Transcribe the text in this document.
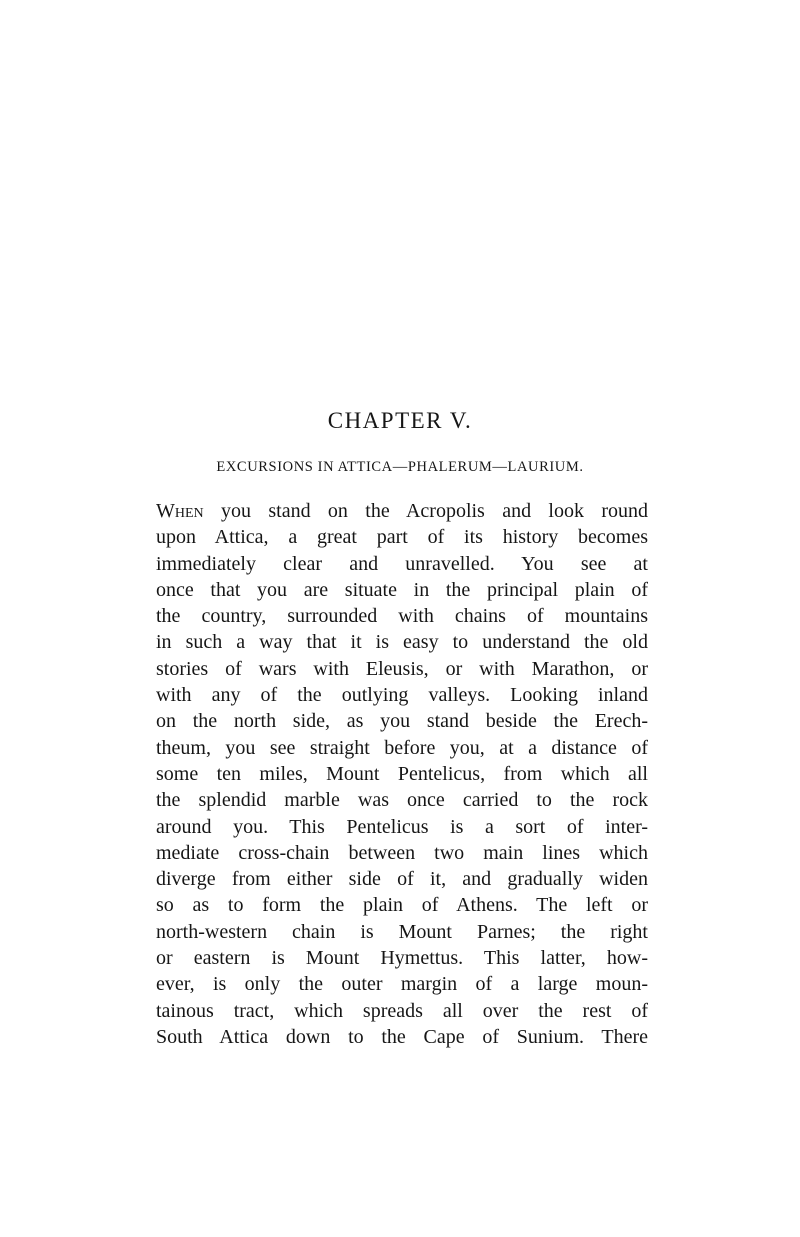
CHAPTER V.
EXCURSIONS IN ATTICA—PHALERUM—LAURIUM.
When you stand on the Acropolis and look round
upon Attica, a great part of its history becomes
immediately clear and unravelled. You see at
once that you are situate in the principal plain of
the country, surrounded with chains of mountains
in such a way that it is easy to understand the old
stories of wars with Eleusis, or with Marathon, or
with any of the outlying valleys. Looking inland
on the north side, as you stand beside the Erech-
theum, you see straight before you, at a distance of
some ten miles, Mount Pentelicus, from which all
the splendid marble was once carried to the rock
around you. This Pentelicus is a sort of inter-
mediate cross-chain between two main lines which
diverge from either side of it, and gradually widen
so as to form the plain of Athens. The left or
north-western chain is Mount Parnes; the right
or eastern is Mount Hymettus. This latter, how-
ever, is only the outer margin of a large moun-
tainous tract, which spreads all over the rest of
South Attica down to the Cape of Sunium. There
